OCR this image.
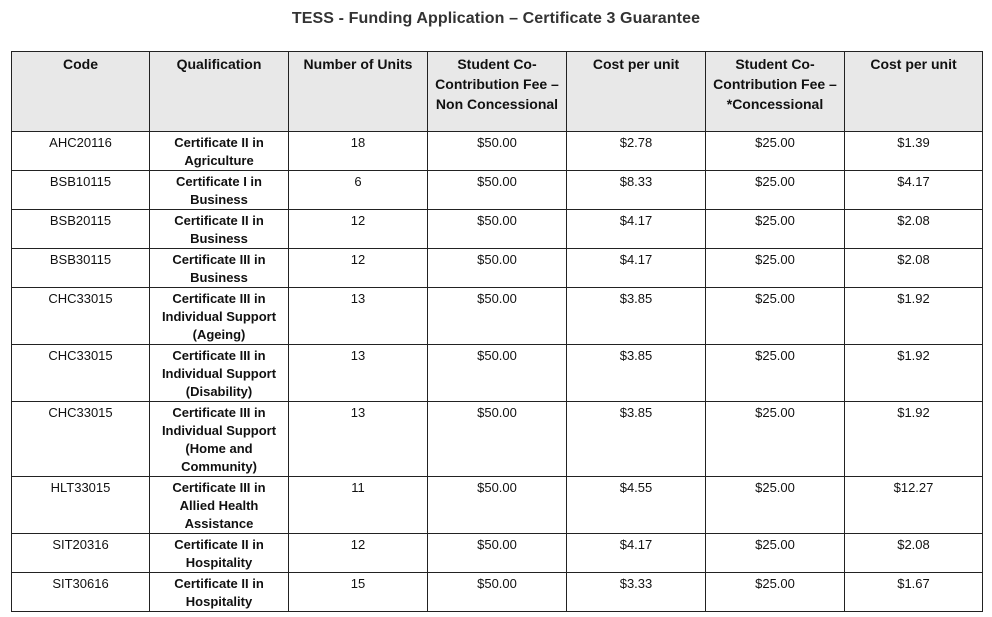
TESS - Funding Application – Certificate 3 Guarantee
Code	Qualification	Number of Units	Student Co-Contribution Fee – Non Concessional	Cost per unit	Student Co-Contribution Fee – *Concessional	Cost per unit
AHC20116	Certificate II in Agriculture	18	$50.00	$2.78	$25.00	$1.39
BSB10115	Certificate I in Business	6	$50.00	$8.33	$25.00	$4.17
BSB20115	Certificate II in Business	12	$50.00	$4.17	$25.00	$2.08
BSB30115	Certificate III in Business	12	$50.00	$4.17	$25.00	$2.08
CHC33015	Certificate III in Individual Support (Ageing)	13	$50.00	$3.85	$25.00	$1.92
CHC33015	Certificate III in Individual Support (Disability)	13	$50.00	$3.85	$25.00	$1.92
CHC33015	Certificate III in Individual Support (Home and Community)	13	$50.00	$3.85	$25.00	$1.92
HLT33015	Certificate III in Allied Health Assistance	11	$50.00	$4.55	$25.00	$12.27
SIT20316	Certificate II in Hospitality	12	$50.00	$4.17	$25.00	$2.08
SIT30616	Certificate II in Hospitality	15	$50.00	$3.33	$25.00	$1.67
